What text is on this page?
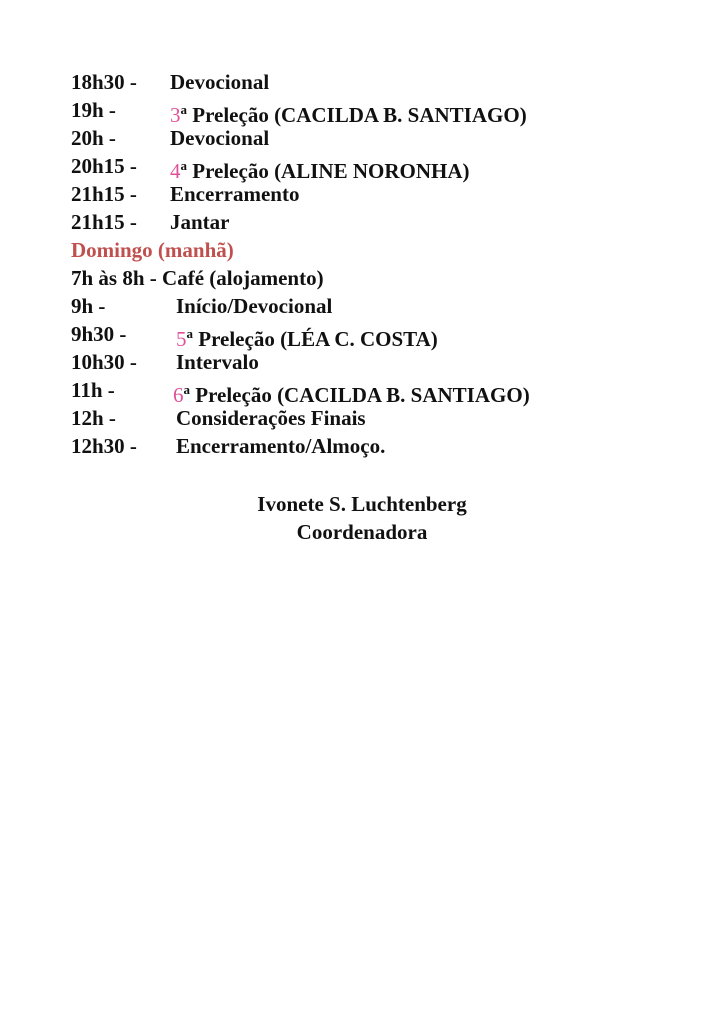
18h30 - Devocional
19h -	3$^a$ Preleção (CACILDA B. SANTIAGO)
20h -	Devocional
20h15 - 4$^a$ Preleção (ALINE NORONHA)
21h15 - Encerramento
21h15 - Jantar
Domingo (manhã)
7h às 8h - Café (alojamento)
9h -	Início/Devocional
9h30 - 5$^a$ Preleção (LÉA C. COSTA)
10h30 - Intervalo
11h -	6$^a$ Preleção (CACILDA B. SANTIAGO)
12h -	Considerações Finais
12h30 - Encerramento/Almoço.
Ivonete S. Luchtenberg
Coordenadora
